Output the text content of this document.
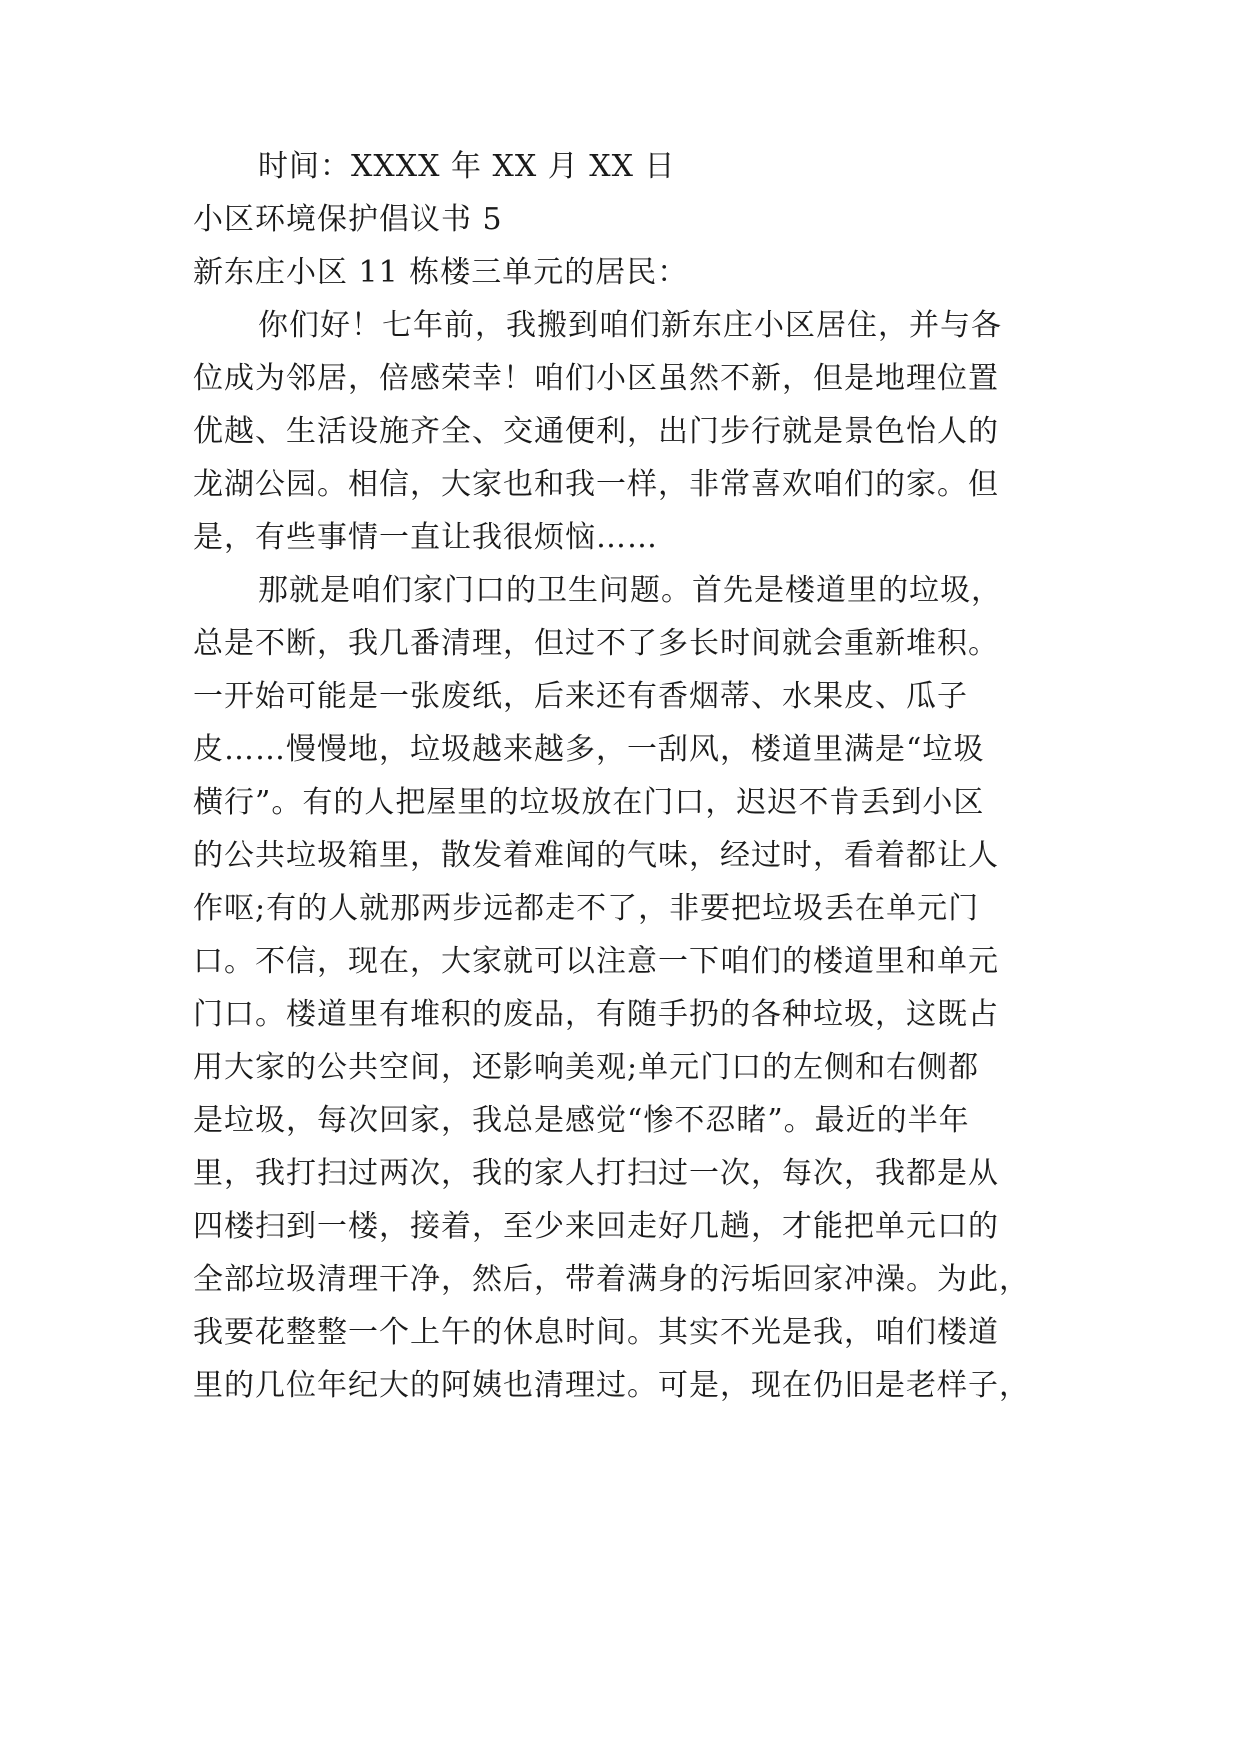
时间：XXXX 年 XX 月 XX 日
小区环境保护倡议书 5
新东庄小区 11 栋楼三单元的居民：
你们好！七年前，我搬到咱们新东庄小区居住，并与各
位成为邻居，倍感荣幸！咱们小区虽然不新，但是地理位置
优越、生活设施齐全、交通便利，出门步行就是景色怡人的
龙湖公园。相信，大家也和我一样，非常喜欢咱们的家。但
是，有些事情一直让我很烦恼……
那就是咱们家门口的卫生问题。首先是楼道里的垃圾，
总是不断，我几番清理，但过不了多长时间就会重新堆积。
一开始可能是一张废纸，后来还有香烟蒂、水果皮、瓜子
皮……慢慢地，垃圾越来越多，一刮风，楼道里满是“垃圾
横行”。有的人把屋里的垃圾放在门口，迟迟不肯丢到小区
的公共垃圾箱里，散发着难闻的气味，经过时，看着都让人
作呕;有的人就那两步远都走不了，非要把垃圾丢在单元门
口。不信，现在，大家就可以注意一下咱们的楼道里和单元
门口。楼道里有堆积的废品，有随手扔的各种垃圾，这既占
用大家的公共空间，还影响美观;单元门口的左侧和右侧都
是垃圾，每次回家，我总是感觉“惨不忍睹”。最近的半年
里，我打扫过两次，我的家人打扫过一次，每次，我都是从
四楼扫到一楼，接着，至少来回走好几趟，才能把单元口的
全部垃圾清理干净，然后，带着满身的污垢回家冲澡。为此，
我要花整整一个上午的休息时间。其实不光是我，咱们楼道
里的几位年纪大的阿姨也清理过。可是，现在仍旧是老样子，
